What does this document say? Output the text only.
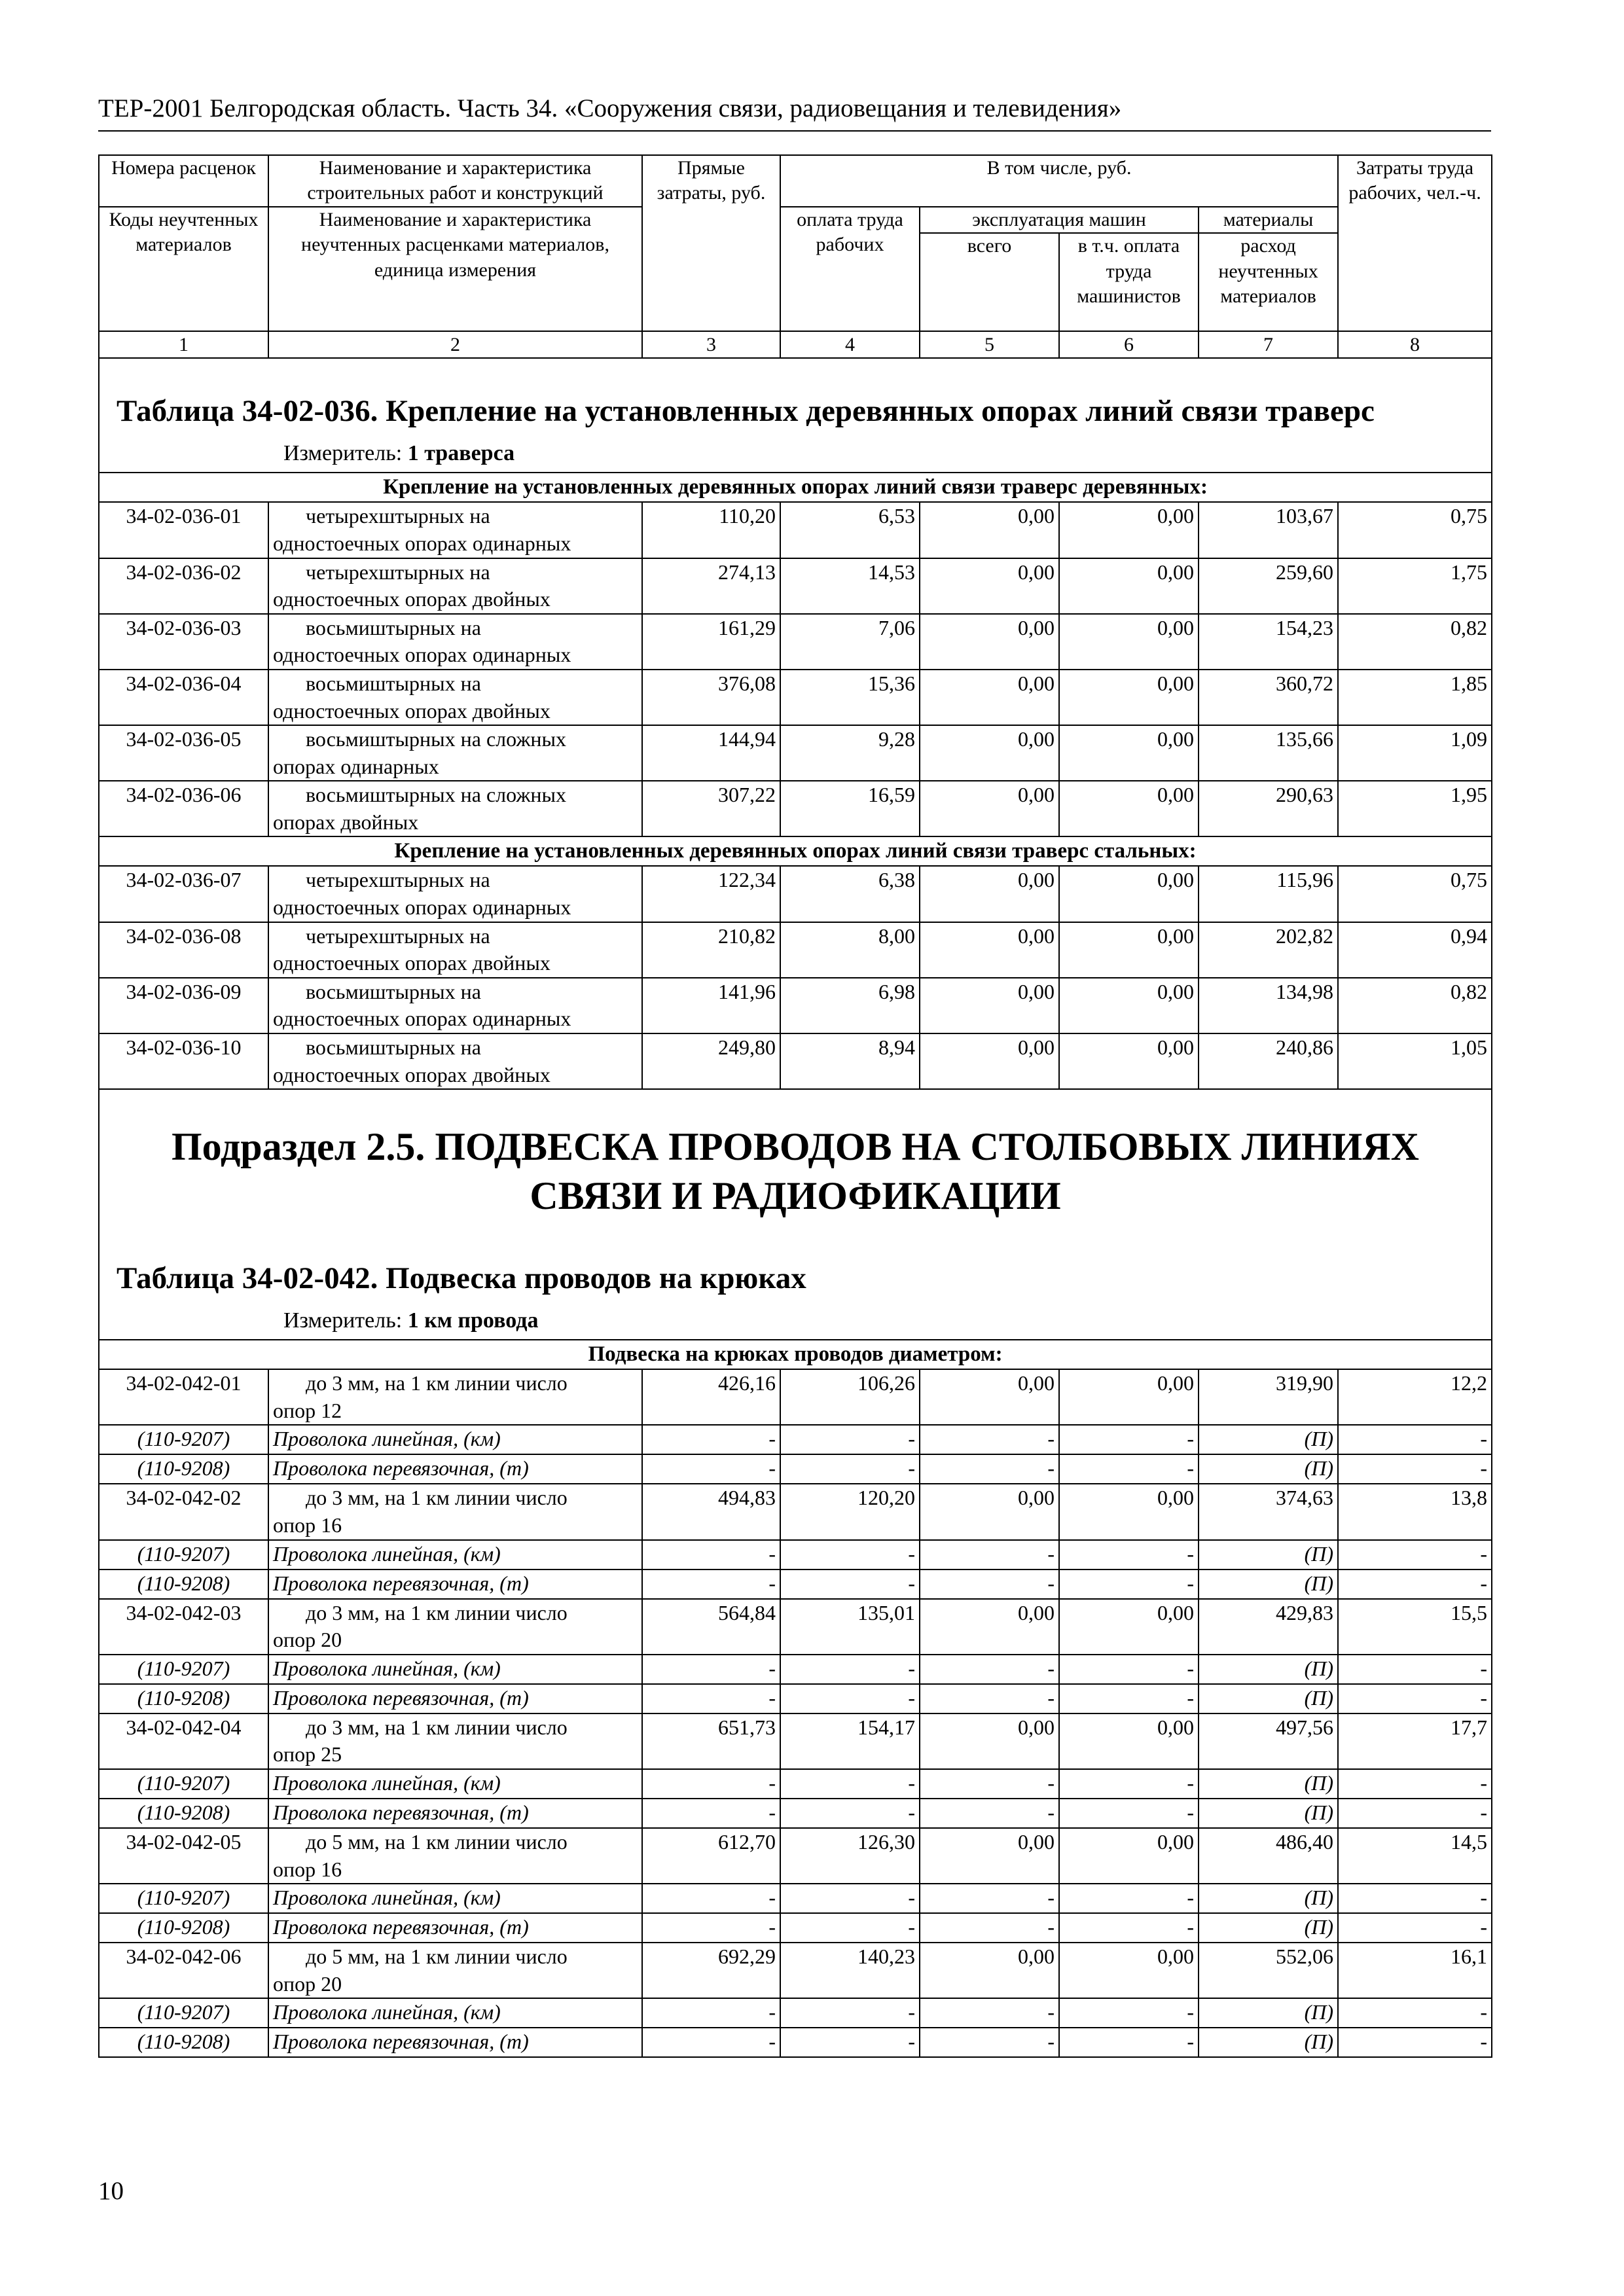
ТЕР-2001 Белгородская область. Часть 34. «Сооружения связи, радиовещания и телевидения»
Номера расценок	Наименование и характеристика строительных работ и конструкций	Прямые затраты, руб.	В том числе, руб.				Затраты труда рабочих, чел.-ч.
Коды неучтенных материалов	Наименование и характеристика неучтенных расценками материалов, единица измерения		оплата труда рабочих	эксплуатация машин		материалы	
				всего	в т.ч. оплата труда машинистов	расход неучтенных материалов	
1	2	3	4	5	6	7	8

Таблица 34-02-036. Крепление на установленных деревянных опорах линий связи траверс
Измеритель: 1 траверса							

Крепление на установленных деревянных опорах линий связи траверс деревянных:							
34-02-036-01	четырехштырных на
одностоечных опорах одинарных	110,20	6,53	0,00	0,00	103,67	0,75
34-02-036-02	четырехштырных на
одностоечных опорах двойных	274,13	14,53	0,00	0,00	259,60	1,75
34-02-036-03	восьмиштырных на
одностоечных опорах одинарных	161,29	7,06	0,00	0,00	154,23	0,82
34-02-036-04	восьмиштырных на
одностоечных опорах двойных	376,08	15,36	0,00	0,00	360,72	1,85
34-02-036-05	восьмиштырных на сложных
опорах одинарных	144,94	9,28	0,00	0,00	135,66	1,09
34-02-036-06	восьмиштырных на сложных
опорах двойных	307,22	16,59	0,00	0,00	290,63	1,95
Крепление на установленных деревянных опорах линий связи траверс стальных:							
34-02-036-07	четырехштырных на
одностоечных опорах одинарных	122,34	6,38	0,00	0,00	115,96	0,75
34-02-036-08	четырехштырных на
одностоечных опорах двойных	210,82	8,00	0,00	0,00	202,82	0,94
34-02-036-09	восьмиштырных на
одностоечных опорах одинарных	141,96	6,98	0,00	0,00	134,98	0,82
34-02-036-10	восьмиштырных на
одностоечных опорах двойных	249,80	8,94	0,00	0,00	240,86	1,05

Подраздел 2.5. ПОДВЕСКА ПРОВОДОВ НА СТОЛБОВЫХ ЛИНИЯХ
СВЯЗИ И РАДИОФИКАЦИИ
Таблица 34-02-042. Подвеска проводов на крюках
Измеритель: 1 км провода							

Подвеска на крюках проводов диаметром:							
34-02-042-01	до 3 мм, на 1 км линии число
опор 12	426,16	106,26	0,00	0,00	319,90	12,2
(110-9207)	Проволока линейная, (км)	-	-	-	-	(П)	-
(110-9208)	Проволока перевязочная, (т)	-	-	-	-	(П)	-
34-02-042-02	до 3 мм, на 1 км линии число
опор 16	494,83	120,20	0,00	0,00	374,63	13,8
(110-9207)	Проволока линейная, (км)	-	-	-	-	(П)	-
(110-9208)	Проволока перевязочная, (т)	-	-	-	-	(П)	-
34-02-042-03	до 3 мм, на 1 км линии число
опор 20	564,84	135,01	0,00	0,00	429,83	15,5
(110-9207)	Проволока линейная, (км)	-	-	-	-	(П)	-
(110-9208)	Проволока перевязочная, (т)	-	-	-	-	(П)	-
34-02-042-04	до 3 мм, на 1 км линии число
опор 25	651,73	154,17	0,00	0,00	497,56	17,7
(110-9207)	Проволока линейная, (км)	-	-	-	-	(П)	-
(110-9208)	Проволока перевязочная, (т)	-	-	-	-	(П)	-
34-02-042-05	до 5 мм, на 1 км линии число
опор 16	612,70	126,30	0,00	0,00	486,40	14,5
(110-9207)	Проволока линейная, (км)	-	-	-	-	(П)	-
(110-9208)	Проволока перевязочная, (т)	-	-	-	-	(П)	-
34-02-042-06	до 5 мм, на 1 км линии число
опор 20	692,29	140,23	0,00	0,00	552,06	16,1
(110-9207)	Проволока линейная, (км)	-	-	-	-	(П)	-
(110-9208)	Проволока перевязочная, (т)	-	-	-	-	(П)	-
10
